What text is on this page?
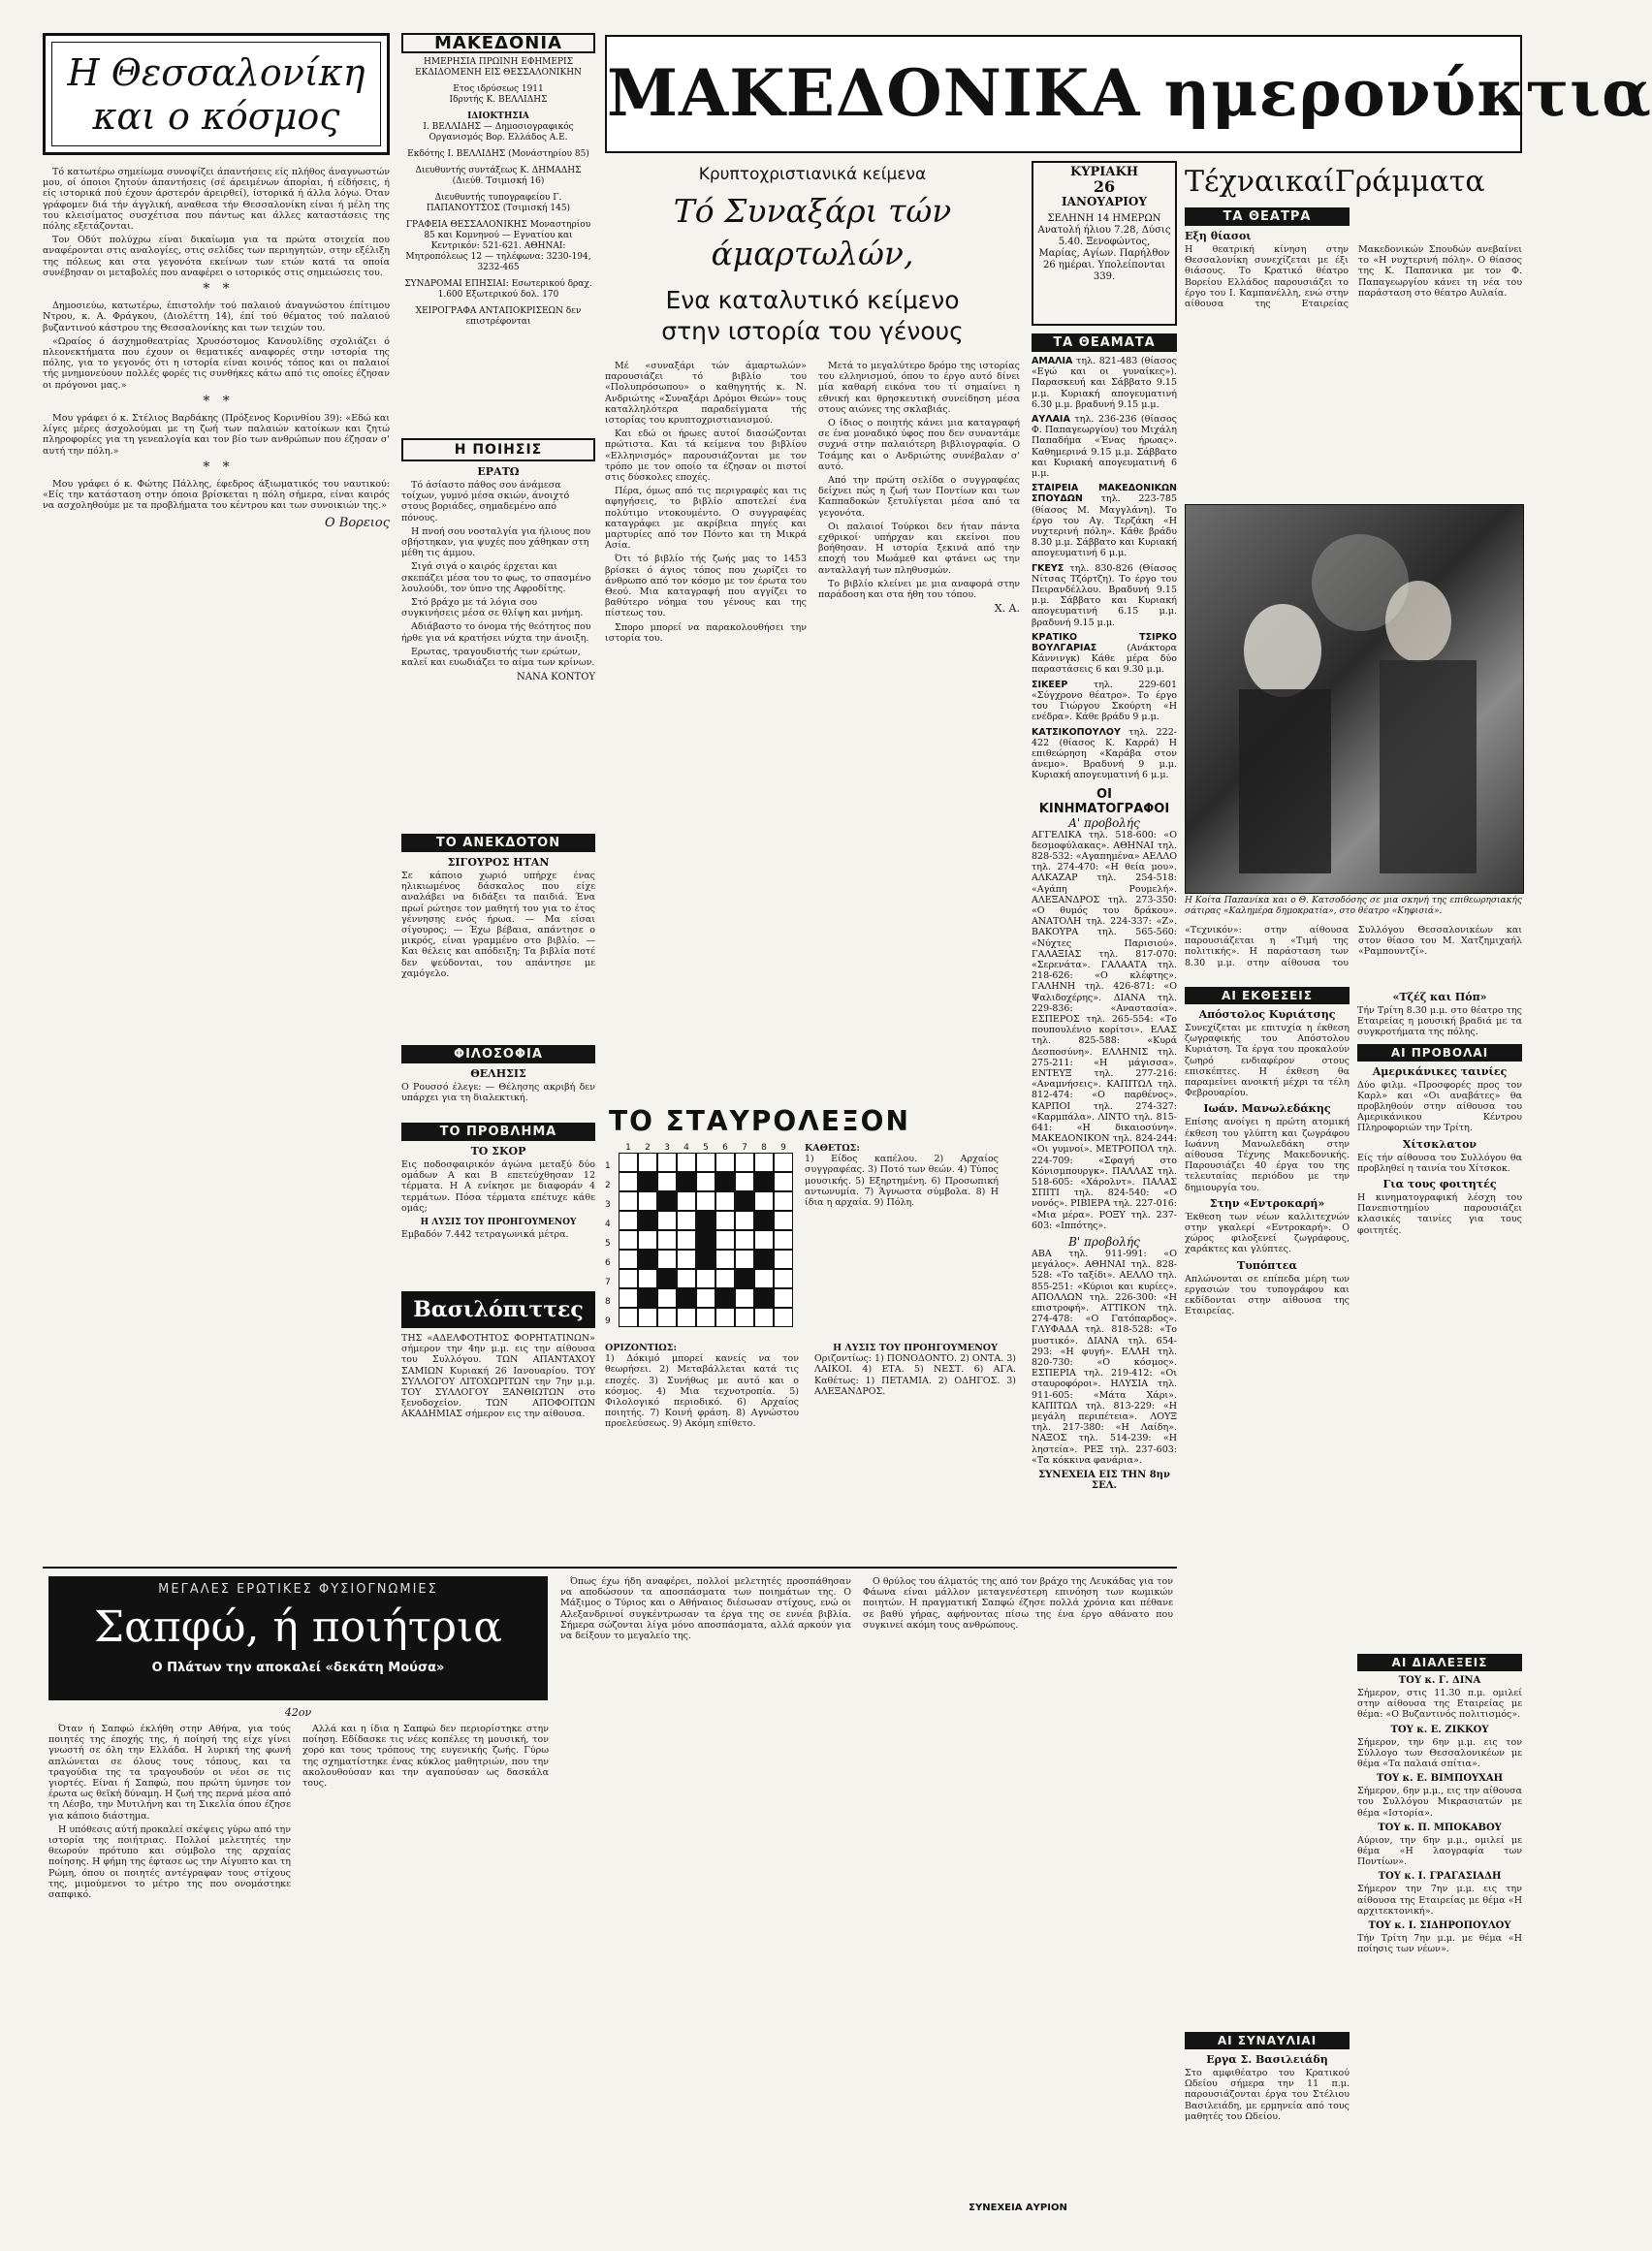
Η Θεσσαλονίκη
και ο κόσμος

Τό κατωτέρω σημείωμα συνοψίζει άπαντήσεις είς πλήθος άναγνωστών μου, οί όποιοι ζητούν άπαντήσεις (σέ άρειμένων άπορίαι, ή είδήσεις, ή είς ιστορικά πού έχουν άρστερόν άρειρθεί), ίστορικά ή άλλα λόγω. Όταν γράφομεν διά τήν άγγλική, αναθεσα τήν Θεσσαλονίκη είναι ή μέλη της του κλεισίματος συσχέτισα που πάντως και άλλες καταστάσεις της πόλης εξετάζονται.

Τον Οδύτ πολύχρω είναι δικαίωμα για τα πρώτα στοιχεία που αναφέρονται στις αναλογίες, στις σελίδες των περιηγητών, στην εξέλιξη της πόλεως και στα γεγονότα εκείνων των ετών κατά τα οποία συνέβησαν οι μεταβολές που αναφέρει ο ιστορικός στις σημειώσεις του.

*   *

Δημοσιεύω, κατωτέρω, έπιστολήν τού παλαιού άναγνώστου έπίτιμου Ντρου, κ. Α. Φράγκου, (Διολέττη 14), έπί τού θέματος τού παλαιού βυζαντινού κάστρου της Θεσσαλονίκης και των τειχών του.

«Ωραίος ό άσχημοθεατρίας Χρυσόστομος Κανουλίδης σχολιάζει ό πλεονεκτήματα που έχουν οι θεματικές αναφορές στην ιστορία της πόλης, για το γεγονός ότι η ιστορία είναι κοινός τόπος και οι παλαιοί τής μνημονεύουν πολλές φορές τις συνθήκες κάτω από τις οποίες έζησαν οι πρόγονοι μας.»

*   *

Μου γράφει ό κ. Στέλιος Βαρδάκης (Πρόξενος Κορινθίου 39): «Εδώ και λίγες μέρες άσχολούμαι με τη ζωή των παλαιών κατοίκων και ζητώ πληροφορίες για τη γενεαλογία και τον βίο των ανθρώπων που έζησαν σ' αυτή την πόλη.»

*   *

Μου γράφει ό κ. Φώτης Πάλλης, έφεδρος άξιωματικός του ναυτικού: «Είς την κατάσταση στην όποια βρίσκεται η πόλη σήμερα, είναι καιρός να ασχοληθούμε με τα προβλήματα του κέντρου και των συνοικιών της.»

Ο Βορειος
ΜΑΚΕΔΟΝΙΑ
ΗΜΕΡΗΣΙΑ ΠΡΩΙΝΗ ΕΦΗΜΕΡΙΣ ΕΚΔΙΔΟΜΕΝΗ ΕΙΣ ΘΕΣΣΑΛΟΝΙΚΗΝ
Ετος ιδρύσεως 1911
Ιδρυτής Κ. ΒΕΛΛΙΔΗΣ
ΙΔΙΟΚΤΗΣΙΑ
Ι. ΒΕΛΛΙΔΗΣ — Δημοσιογραφικός Οργανισμός Βορ. Ελλάδος Α.Ε.
Εκδότης Ι. ΒΕΛΛΙΔΗΣ (Μονάστηρίου 85)
Διευθυντής συντάξεως Κ. ΔΗΜΑΔΗΣ (Διεύθ. Τσιμισκή 16)
Διευθυντής τυπογραφείου Γ. ΠΑΠΑΝΟΥΤΣΟΣ (Τσιμισκή 145)
ΓΡΑΦΕΙΑ ΘΕΣΣΑΛΟΝΙΚΗΣ Μοναστηρίου 85 και Κομνηνού — Εγνατίου και Κεντρικόν: 521-621. ΑΘΗΝΑΙ: Μητροπόλεως 12 — τηλέφωνα: 3230-194, 3232-465
ΣΥΝΔΡΟΜΑΙ ΕΠΗΣΙΑΙ: Εσωτερικού δραχ. 1.600 Εξωτερικού δολ. 170
ΧΕΙΡΟΓΡΑΦΑ ΑΝΤΑΠΟΚΡΙΣΕΩΝ δεν επιστρέφονται
Η ΠΟΙΗΣΙΣ
ΕΡΑΤΩ

Τό άσίαστο πάθος σου άνάμεσα τοίχων, γυμνό μέσα σκιών, άνοιχτό στους βοριάδες, σημαδεμένο από πόνους.

Η πνοή σου νοσταλγία για ήλιους που σβήστηκαν, για ψυχές που χάθηκαν στη μέθη τις άμμου.

Σιγά σιγά ο καιρός έρχεται και σκεπάζει μέσα του το φως, το σπασμένο λουλούδι, τον ύπνο της Αφροδίτης.

Στό βράχο με τά λόγια σου συγκινήσεις μέσα σε θλίψη και μνήμη.

Αδιάβαστο το όνομα τής θεότητος που ήρθε για νά κρατήσει νύχτα την άνοιξη.

Ερωτας, τραγουδιστής των ερώτων, καλεί και ευωδιάζει το αίμα των κρίνων.

ΝΑΝΑ ΚΟΝΤΟΥ
ΤΟ ΑΝΕΚΔΟΤΟΝ
ΣΙΓΟΥΡΟΣ ΗΤΑΝ
Σε κάποιο χωριό υπήρχε ένας ηλικιωμένος δάσκαλος που είχε αναλάβει να διδάξει τα παιδιά. Ένα πρωί ρώτησε τον μαθητή του για το έτος γέννησης ενός ήρωα. — Μα είσαι σίγουρος; — Έχω βέβαια, απάντησε ο μικρός, είναι γραμμένο στο βιβλίο. — Και θέλεις και απόδειξη; Τα βιβλία ποτέ δεν ψεύδονται, του απάντησε με χαμόγελο.
ΦΙΛΟΣΟΦΙΑ
ΘΕΛΗΣΙΣ
Ο Ρουσσό έλεγε: — Θέλησης ακριβή δεν υπάρχει για τη διαλεκτική.
ΤΟ ΠΡΟΒΛΗΜΑ
ΤΟ ΣΚΟΡ
Εις ποδοσφαιρικόν άγώνα μεταξύ δύο ομάδων Α και Β επετεύχθησαν 12 τέρματα. Η Α ενίκησε με διαφοράν 4 τερμάτων. Πόσα τέρματα επέτυχε κάθε ομάς;
Η ΛΥΣΙΣ ΤΟΥ ΠΡΟΗΓΟΥΜΕΝΟΥ
Εμβαδόν 7.442 τετραγωνικά μέτρα.
Βασιλόπιττες
ΤΗΣ «ΑΔΕΛΦΟΤΗΤΟΣ ΦΟΡΗΤΑΤΙΝΩΝ» σήμερον την 4ην μ.μ. εις την αίθουσα του Συλλόγου. ΤΩΝ ΑΠΑΝΤΑΧΟΥ ΣΑΜΙΩΝ Κυριακή 26 Ιανουαρίου. ΤΟΥ ΣΥΛΛΟΓΟΥ ΛΙΤΟΧΩΡΙΤΩΝ την 7ην μ.μ. ΤΟΥ ΣΥΛΛΟΓΟΥ ΞΑΝΘΙΩΤΩΝ στο ξενοδοχείον. ΤΩΝ ΑΠΟΦΟΙΤΩΝ ΑΚΑΔΗΜΙΑΣ σήμερον εις την αίθουσα.
ΜΑΚΕΔΟΝΙΚΑ ημερονύκτια
Κρυπτοχριστιανικά κείμενα
Τό Συναξάρι τών άμαρτωλών,
Ενα καταλυτικό κείμενο
στην ιστορία του γένους

Μέ «συναξάρι τών άμαρτωλών» παρουσιάζει τό βιβλίο του «Πολυπρόσωπου» ο καθηγητής κ. Ν. Ανδριώτης «Συναξάρι Δρόμοι Θεών» τους καταλληλότερα παραδείγματα τής ιστορίας του κρυπτοχριστιανισμού.

Και εδώ οι ήρωες αυτοί διασώζονται πρώτιστα. Και τά κείμενα του βιβλίου «Ελληνισμός» παρουσιάζονται με τον τρόπο με τον οποίο τα έζησαν οι πιστοί στις δύσκολες εποχές.

Πέρα, όμως από τις περιγραφές και τις αφηγήσεις, το βιβλίο αποτελεί ένα πολύτιμο ντοκουμέντο. Ο συγγραφέας καταγράφει με ακρίβεια πηγές και μαρτυρίες από τον Πόντο και τη Μικρά Ασία.

Ότι τό βιβλίο τής ζωής μας το 1453 βρίσκει ό άγιος τόπος που χωρίζει το άνθρωπο από τον κόσμο με τον έρωτα του Θεού. Μια καταγραφή που αγγίζει το βαθύτερο νόημα του γένους και της πίστεως του.

Σπορο μπορεί να παρακολουθήσει την ιστορία του.

Μετά το μεγαλύτερο δρόμο της ιστορίας του ελληνισμού, όπου το έργο αυτό δίνει μία καθαρή εικόνα του τί σημαίνει η εθνική και θρησκευτική συνείδηση μέσα στους αιώνες της σκλαβιάς.

Ο ίδιος ο ποιητής κάνει μια καταγραφή σε ένα μοναδικό ύφος που δεν συναντάμε συχνά στην παλαιότερη βιβλιογραφία. Ο Τσάμης και ο Ανδριώτης συνέβαλαν σ' αυτό.

Από την πρώτη σελίδα ο συγγραφέας δείχνει πώς η ζωή των Ποντίων και των Καππαδοκών ξετυλίγεται μέσα από τα γεγονότα.

Οι παλαιοί Τούρκοι δεν ήταν πάντα εχθρικοί· υπήρχαν και εκείνοι που βοήθησαν. Η ιστορία ξεκινά από την εποχή του Μωάμεθ και φτάνει ως την ανταλλαγή των πληθυσμών.

Το βιβλίο κλείνει με μια αναφορά στην παράδοση και στα ήθη του τόπου.

Χ. Α.
ΤΟ ΣΤΑΥΡΟΛΕΞΟΝ
1
2
3
4
5
6
7
8
9
1	2	3	4	5	6	7	8	9	ΚΑΘΕΤΩΣ:
1) Είδος καπέλου. 2) Αρχαίος συγγραφέας. 3) Ποτό των θεών. 4) Τύπος μουσικής. 5) Εξηρτημένη. 6) Προσωπική αντωνυμία. 7) Άγνωστα σύμβολα. 8) Η ίδια η αρχαία. 9) Πόλη.
ΟΡΙΖΟΝΤΙΩΣ:
1) Δόκιμό μπορεί κανείς να τον θεωρήσει. 2) Μεταβάλλεται κατά τις εποχές. 3) Συνήθως με αυτό και ο κόσμος. 4) Μια τεχνοτροπία. 5) Φιλολογικό περιοδικό. 6) Αρχαίος ποιητής. 7) Κοινή φράση. 8) Αγνώστου προελεύσεως. 9) Ακόμη επίθετο.
Η ΛΥΣΙΣ ΤΟΥ ΠΡΟΗΓΟΥΜΕΝΟΥ
Οριζοντίως: 1) ΠΟΝΟΔΟΝΤΟ. 2) ΟΝΤΑ. 3) ΛΑΙΚΟΙ. 4) ΕΤΑ. 5) ΝΕΣΤ. 6) ΑΓΑ. Καθέτως: 1) ΠΕΤΑΜΙΑ. 2) ΟΔΗΓΟΣ. 3) ΑΛΕΞΑΝΔΡΟΣ.
ΚΥΡΙΑΚΗ
26
ΙΑΝΟΥΑΡΙΟΥ
ΣΕΛΗΝΗ 14 ΗΜΕΡΩΝ
Ανατολή ήλιου 7.28, Δύσις 5.40. Ξενοφώντος, Μαρίας, Αγίων. Παρήλθον 26 ημέραι. Υπολείπονται 339.
ΤΑ ΘΕΑΜΑΤΑ
ΑΜΑΛΙΑ τηλ. 821-483 (θίασος «Εγώ και οι γυναίκες»). Παρασκευή και Σάββατο 9.15 μ.μ. Κυριακή απογευματινή 6.30 μ.μ. βραδυνή 9.15 μ.μ.
ΑΥΛΑΙΑ τηλ. 236-236 (θίασος Φ. Παπαγεωργίου) του Μιχάλη Παπαδήμα «Ένας ήρωας». Καθημερινά 9.15 μ.μ. Σάββατο και Κυριακή απογευματινή 6 μ.μ.
ΣΤΑΙΡΕΙΑ ΜΑΚΕΔΟΝΙΚΩΝ ΣΠΟΥΔΩΝ τηλ. 223-785 (θίασος Μ. Μαγγλάνη). Το έργο του Αγ. Τερζάκη «Η νυχτερινή πόλη». Κάθε βράδυ 8.30 μ.μ. Σάββατο και Κυριακή απογευματινή 6 μ.μ.
ΓΚΕΥΣ τηλ. 830-826 (Θίασος Νίτσας Τζόρτζη). Το έργο του Πειρανδέλλου. Βραδυνή 9.15 μ.μ. Σάββατο και Κυριακή απογευματινή 6.15 μ.μ. βραδυνή 9.15 μ.μ.
ΚΡΑΤΙΚΟ ΤΣΙΡΚΟ ΒΟΥΛΓΑΡΙΑΣ	(Ανάκτορα Κάννινγκ) Κάθε μέρα δύο παραστάσεις 6 και 9.30 μ.μ.
ΣΙΚΕΕΡ	τηλ. 229-601 «Σύγχρονο θέατρο». Το έργο του Γιώργου Σκούρτη «Η ενέδρα». Κάθε βράδυ 9 μ.μ.
ΚΑΤΣΙΚΟΠΟΥΛΟΥ τηλ. 222-422 (θίασος Κ. Καρρά) Η επιθεώρηση «Καράβα στον άνεμο». Βραδυνή 9 μ.μ. Κυριακή απογευματινή 6 μ.μ.
ΟΙ ΚΙΝΗΜΑΤΟΓΡΑΦΟΙ
Α' προβολής
ΑΓΓΕΛΙΚΑ τηλ. 518-600: «Ο δεσμοφύλακας». ΑΘΗΝΑΙ τηλ. 828-532: «Αγαπημένα» ΑΕΛΛΟ τηλ. 274-470: «Η θεία μου». ΑΛΚΑΖΑΡ τηλ. 254-518: «Αγάπη Ρουμελή». ΑΛΕΞΑΝΔΡΟΣ τηλ. 273-350: «Ο θυμός του δράκου». ΑΝΑΤΟΛΗ τηλ. 224-337: «Ζ». ΒΑΚΟΥΡΑ τηλ. 565-560: «Νύχτες Παρισιού». ΓΑΛΑΞΙΑΣ τηλ. 817-070: «Σερενάτα». ΓΑΛΑΑΤΑ τηλ. 218-626: «Ο κλέφτης». ΓΑΛΗΝΗ τηλ. 426-871: «Ο Ψαλιδοχέρης». ΔΙΑΝΑ τηλ. 229-836: «Αναστασία». ΕΣΠΕΡΟΣ τηλ. 265-554: «Το πουπουλένιο κορίτσι». ΕΛΑΣ τηλ. 825-588: «Κυρά Δεσποσύνη». ΕΛΛΗΝΙΣ τηλ. 275-211: «Η μάγισσα». ΕΝΤΕΥΞ τηλ. 277-216: «Αναμνήσεις». ΚΑΠΙΤΩΛ τηλ. 812-474: «Ο παρθένος». ΚΑΡΠΟΙ τηλ. 274-327: «Καρμπάλα». ΛΙΝΤΟ τηλ. 815-641: «Η δικαιοσύνη». ΜΑΚΕΔΟΝΙΚΟΝ τηλ. 824-244: «Οι γυμνοί». ΜΕΤΡΟΠΟΛ τηλ. 224-709: «Σφαγή στο Κόνισμπουργκ». ΠΑΛΛΑΣ τηλ. 518-605: «Χάρολντ». ΠΑΛΑΣ ΣΠΙΤΙ τηλ. 824-540: «Ο νονός». ΡΙΒΙΕΡΑ τηλ. 227-016: «Μια μέρα». ΡΟΞΥ τηλ. 237-603: «Ιππότης».
Β' προβολής
ΑΒΑ τηλ. 911-991: «Ο μεγάλος». ΑΘΗΝΑΙ τηλ. 828-528: «Το ταξίδι». ΑΕΛΛΟ τηλ. 855-251: «Κύριοι και κυρίες». ΑΠΟΛΛΩΝ τηλ. 226-300: «Η επιστροφή». ΑΤΤΙΚΟΝ τηλ. 274-478: «Ο Γατόπαρδος». ΓΛΥΦΑΔΑ τηλ. 818-528: «Το μυστικό». ΔΙΑΝΑ τηλ. 654-293: «Η φυγή». ΕΛΛΗ τηλ. 820-730: «Ο κόσμος». ΕΣΠΕΡΙΑ τηλ. 219-412: «Οι σταυροφόροι». ΗΛΥΣΙΑ τηλ. 911-605: «Μάτα Χάρι». ΚΑΠΙΤΩΛ τηλ. 813-229: «Η μεγάλη περιπέτεια». ΛΟΥΞ τηλ. 217-380: «Η Λαίδη». ΝΑΞΟΣ τηλ. 514-239: «Η ληστεία». ΡΕΞ τηλ. 237-603: «Τα κόκκινα φανάρια».
ΣΥΝΕΧΕΙΑ ΕΙΣ ΤΗΝ 8ην ΣΕΛ.
ΤέχναικαίΓράμματα
ΤΑ ΘΕΑΤΡΑ
Εξη θίασοι
Η θεατρική κίνηση στην Θεσσαλονίκη συνεχίζεται με έξι θιάσους. Το Κρατικό θέατρο Βορείου Ελλάδος παρουσιάζει το έργο του Ι. Καμπανέλλη, ενώ στην αίθουσα της Εταιρείας Μακεδονικών Σπουδών ανεβαίνει το «Η νυχτερινή πόλη». Ο θίασος της Κ. Παπανικα με τον Φ. Παπαγεωργίου κάνει τη νέα του παράσταση στο θέατρο Αυλαία.
Η Κοίτα Παπανίκα και ο Θ. Κατσοδόσης σε μια σκηνή της επιθεωρησιακής σάτιρας «Καλημέρα δημοκρατία», στο θέατρο «Κηφισιά».
«Τεχνικόν»: στην αίθουσα παρουσιάζεται η «Τιμή της πολιτικής». Η παράσταση των 8.30 μ.μ. στην αίθουσα του Συλλόγου Θεσσαλονικέων και στον θίασο του Μ. Χατζημιχαήλ «Ραμπουντζί».
ΑΙ ΕΚΘΕΣΕΙΣ
Απόστολος Κυριάτσης
Συνεχίζεται με επιτυχία η έκθεση ζωγραφικής του Απόστολου Κυριάτση. Τα έργα του προκαλούν ζωηρό ενδιαφέρον στους επισκέπτες. Η έκθεση θα παραμείνει ανοικτή μέχρι τα τέλη Φεβρουαρίου.
Ιωάν. Μανωλεδάκης
Επίσης ανοίγει η πρώτη ατομική έκθεση του γλύπτη και ζωγράφου Ιωάννη Μανωλεδάκη στην αίθουσα Τέχνης Μακεδονικής. Παρουσιάζει 40 έργα του της τελευταίας περιόδου με την δημιουργία του.
Στην «Εντροκαρή»
Έκθεση των νέων καλλιτεχνών στην γκαλερί «Εντροκαρή». Ο χώρος φιλοξενεί ζωγράφους, χαράκτες και γλύπτες.
Τυπόπτεα
Απλώνονται σε επίπεδα μέρη των εργασιών του τυπογράφου και εκδίδονται στην αίθουσα της Εταιρείας.
«Τζέζ και Πόπ»
Τήν Τρίτη 8.30 μ.μ. στο θέατρο της Εταιρείας η μουσική βραδιά με τα συγκροτήματα της πόλης.
ΑΙ ΠΡΟΒΟΛΑΙ
Αμερικάνικες ταινίες
Δύο φιλμ. «Προσφορές προς τον Καρλ» και «Οι αναβάτες» θα προβληθούν στην αίθουσα του Αμερικάνικου Κέντρου Πληροφοριών την Τρίτη.
Χίτσκλατον
Είς τήν αίθουσα του Συλλόγου θα προβληθεί η ταινία του Χίτσκοκ.
Για τους φοιτητές
Η κινηματογραφική λέσχη του Πανεπιστημίου παρουσιάζει κλασικές ταινίες για τους φοιτητές.
ΑΙ ΣΥΝΑΥΛΙΑΙ
Εργα Σ. Βασιλειάδη
Στο αμφιθέατρο του Κρατικού Ωδείου σήμερα την 11 π.μ. παρουσιάζονται έργα του Στέλιου Βασιλειάδη, με ερμηνεία από τους μαθητές του Ωδείου.
ΑΙ ΔΙΑΛΕΞΕΙΣ
ΤΟΥ κ. Γ. ΔΙΝΑ
Σήμερον, στις 11.30 π.μ. ομιλεί στην αίθουσα της Εταιρείας με θέμα: «Ο Βυζαντινός πολιτισμός».
ΤΟΥ κ. Ε. ΖΙΚΚΟΥ
Σήμερον, την 6ην μ.μ. εις τον Σύλλογο των Θεσσαλονικέων με θέμα «Τα παλαιά σπίτια».
ΤΟΥ κ. Ε. ΒΙΜΠΟΥΧΑΗ
Σήμερον, 6ην μ.μ., εις την αίθουσα του Συλλόγου Μικρασιατών με θέμα «Ιστορία».
ΤΟΥ κ. Π. ΜΠΟΚΑΒΟΥ
Αύριον, την 6ην μ.μ., ομιλεί με θέμα «Η λαογραφία των Ποντίων».
ΤΟΥ κ. Ι. ΓΡΑΓΑΣΙΑΔΗ
Σήμερον την 7ην μ.μ. εις την αίθουσα της Εταιρείας με θέμα «Η αρχιτεκτονική».
ΤΟΥ κ. Ι. ΣΙΔΗΡΟΠΟΥΛΟΥ
Τήν Τρίτη 7ην μ.μ. με θέμα «Η ποίησις των νέων».
ΜΕΓΑΛΕΣ ΕΡΩΤΙΚΕΣ ΦΥΣΙΟΓΝΩΜΙΕΣ
Σαπφώ, ή ποιήτρια
Ο Πλάτων την αποκαλεί «δεκάτη Μούσα»
42ον

Όταν ή Σαπφώ έκλήθη στην Αθήνα, για τούς ποιητές της έποχής της, ή ποίησή της είχε γίνει γνωστή σε όλη την Ελλάδα. Η λυρική της φωνή απλώνεται σε όλους τους τόπους, και τα τραγούδια της τα τραγουδούν οι νέοι σε τις γιορτές. Είναι ή Σαπφώ, που πρώτη ύμνησε τον έρωτα ως θεϊκή δύναμη. Η ζωή της περνά μέσα από τη Λέσβο, την Μυτιλήνη και τη Σικελία όπου έζησε για κάποιο διάστημα.

Η υπόθεσις αύτή προκαλεί σκέψεις γύρω από την ιστορία της ποιήτριας. Πολλοί μελετητές την θεωρούν πρότυπο και σύμβολο της αρχαίας ποίησης. Η φήμη της έφτασε ως την Αίγυπτο και τη Ρώμη, όπου οι ποιητές αντέγραφαν τους στίχους της, μιμούμενοι το μέτρο της που ονομάστηκε σαπφικό.

Αλλά και η ίδια η Σαπφώ δεν περιορίστηκε στην ποίηση. Εδίδασκε τις νέες κοπέλες τη μουσική, τον χορό και τους τρόπους της ευγενικής ζωής. Γύρω της σχηματίστηκε ένας κύκλος μαθητριών, που την ακολουθούσαν και την αγαπούσαν ως δασκάλα τους.

Όπως έχω ήδη αναφέρει, πολλοί μελετητές προσπάθησαν να αποδώσουν τα αποσπάσματα των ποιημάτων της. Ο Μάξιμος ο Τύριος και ο Αθήναιος διέσωσαν στίχους, ενώ οι Αλεξανδρινοί συγκέντρωσαν τα έργα της σε εννέα βιβλία. Σήμερα σώζονται λίγα μόνο αποσπάσματα, αλλά αρκούν για να δείξουν το μεγαλείο της.

Ο θρύλος του άλματός της από τον βράχο της Λευκάδας για τον Φάωνα είναι μάλλον μεταγενέστερη επινόηση των κωμικών ποιητών. Η πραγματική Σαπφώ έζησε πολλά χρόνια και πέθανε σε βαθύ γήρας, αφήνοντας πίσω της ένα έργο αθάνατο που συγκινεί ακόμη τους ανθρώπους.

ΣΥΝΕΧΕΙΑ ΑΥΡΙΟΝ
